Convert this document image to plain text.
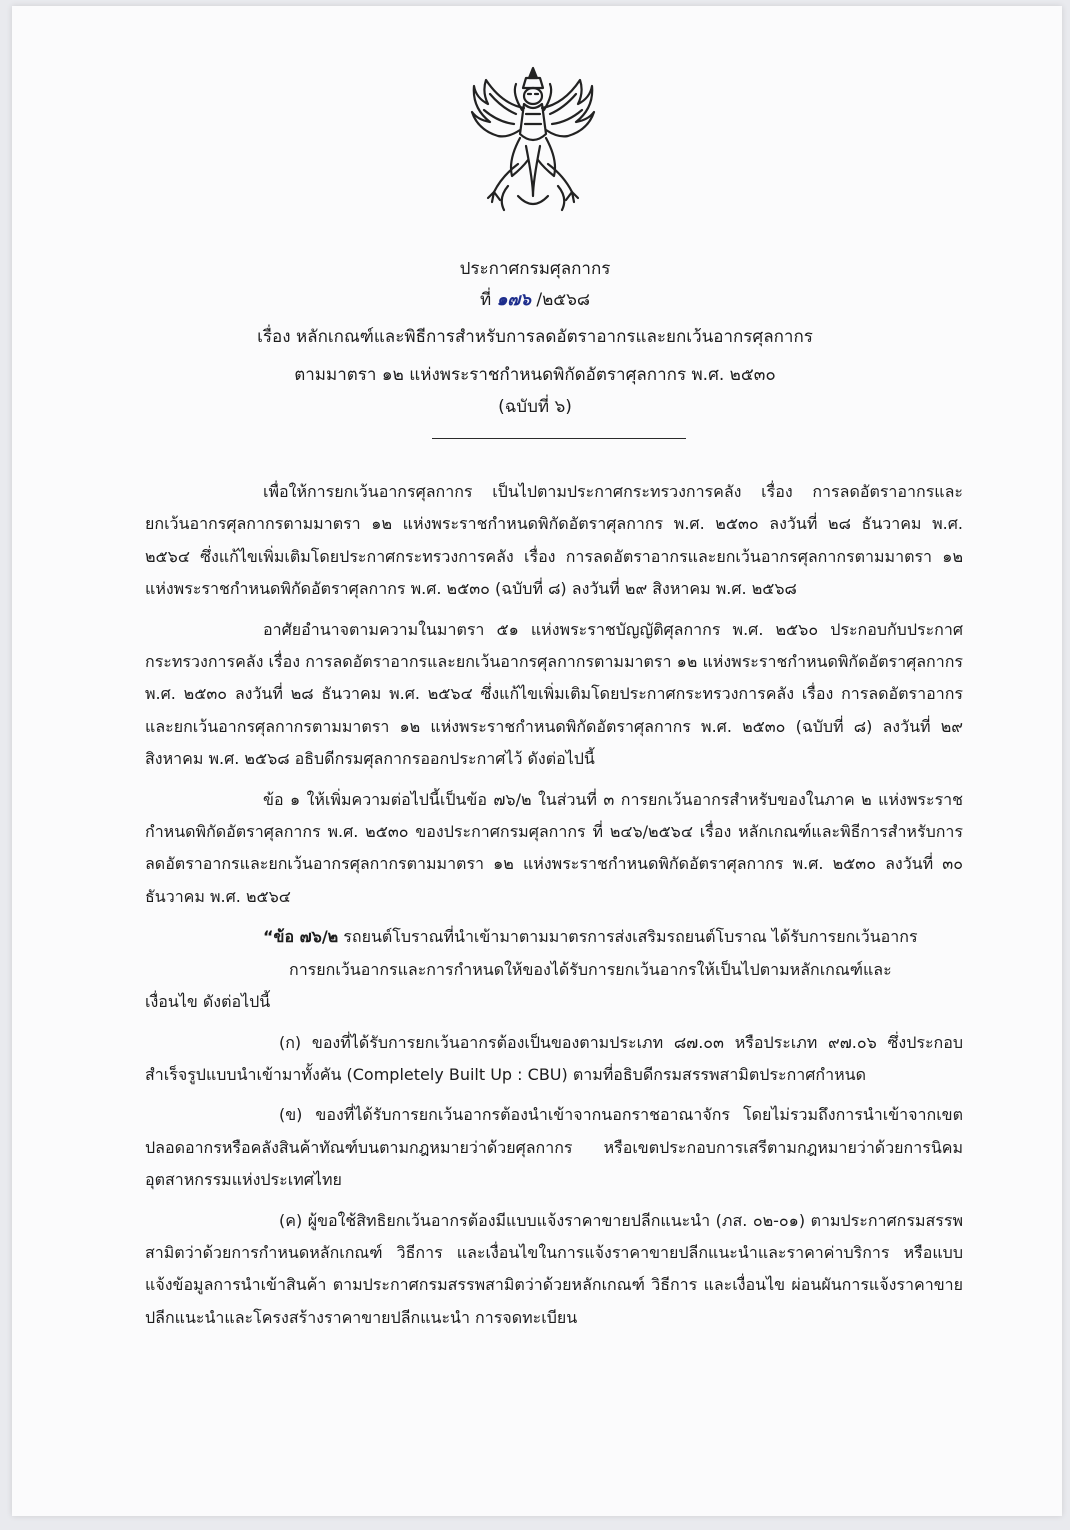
ประกาศกรมศุลกากร
ที่ ๑๗๖ /๒๕๖๘
เรื่อง หลักเกณฑ์และพิธีการสำหรับการลดอัตราอากรและยกเว้นอากรศุลกากร
ตามมาตรา ๑๒ แห่งพระราชกำหนดพิกัดอัตราศุลกากร พ.ศ. ๒๕๓๐
(ฉบับที่ ๖)

เพื่อให้การยกเว้นอากรศุลกากร เป็นไปตามประกาศกระทรวงการคลัง เรื่อง การลดอัตราอากรและยกเว้นอากรศุลกากรตามมาตรา ๑๒ แห่งพระราชกำหนดพิกัดอัตราศุลกากร พ.ศ. ๒๕๓๐ ลงวันที่ ๒๘ ธันวาคม พ.ศ. ๒๕๖๔ ซึ่งแก้ไขเพิ่มเติมโดยประกาศกระทรวงการคลัง เรื่อง การลดอัตราอากรและยกเว้นอากรศุลกากรตามมาตรา ๑๒ แห่งพระราชกำหนดพิกัดอัตราศุลกากร พ.ศ. ๒๕๓๐ (ฉบับที่ ๘) ลงวันที่ ๒๙ สิงหาคม พ.ศ. ๒๕๖๘

อาศัยอำนาจตามความในมาตรา ๕๑ แห่งพระราชบัญญัติศุลกากร พ.ศ. ๒๕๖๐ ประกอบกับประกาศกระทรวงการคลัง เรื่อง การลดอัตราอากรและยกเว้นอากรศุลกากรตามมาตรา ๑๒ แห่งพระราชกำหนดพิกัดอัตราศุลกากร พ.ศ. ๒๕๓๐ ลงวันที่ ๒๘ ธันวาคม พ.ศ. ๒๕๖๔ ซึ่งแก้ไขเพิ่มเติมโดยประกาศกระทรวงการคลัง เรื่อง การลดอัตราอากรและยกเว้นอากรศุลกากรตามมาตรา ๑๒ แห่งพระราชกำหนดพิกัดอัตราศุลกากร พ.ศ. ๒๕๓๐ (ฉบับที่ ๘) ลงวันที่ ๒๙ สิงหาคม พ.ศ. ๒๕๖๘ อธิบดีกรมศุลกากรออกประกาศไว้ ดังต่อไปนี้

ข้อ ๑ ให้เพิ่มความต่อไปนี้เป็นข้อ ๗๖/๒ ในส่วนที่ ๓ การยกเว้นอากรสำหรับของในภาค ๒ แห่งพระราชกำหนดพิกัดอัตราศุลกากร พ.ศ. ๒๕๓๐ ของประกาศกรมศุลกากร ที่ ๒๔๖/๒๕๖๔ เรื่อง หลักเกณฑ์และพิธีการสำหรับการลดอัตราอากรและยกเว้นอากรศุลกากรตามมาตรา ๑๒ แห่งพระราชกำหนดพิกัดอัตราศุลกากร พ.ศ. ๒๕๓๐ ลงวันที่ ๓๐ ธันวาคม พ.ศ. ๒๕๖๔

“ข้อ ๗๖/๒ รถยนต์โบราณที่นำเข้ามาตามมาตรการส่งเสริมรถยนต์โบราณ ได้รับการยกเว้นอากร

การยกเว้นอากรและการกำหนดให้ของได้รับการยกเว้นอากรให้เป็นไปตามหลักเกณฑ์และ

เงื่อนไข ดังต่อไปนี้

(ก) ของที่ได้รับการยกเว้นอากรต้องเป็นของตามประเภท ๘๗.๐๓ หรือประเภท ๙๗.๐๖ ซึ่งประกอบสำเร็จรูปแบบนำเข้ามาทั้งคัน (Completely Built Up : CBU) ตามที่อธิบดีกรมสรรพสามิตประกาศกำหนด

(ข) ของที่ได้รับการยกเว้นอากรต้องนำเข้าจากนอกราชอาณาจักร โดยไม่รวมถึงการนำเข้าจากเขตปลอดอากรหรือคลังสินค้าทัณฑ์บนตามกฎหมายว่าด้วยศุลกากร หรือเขตประกอบการเสรีตามกฎหมายว่าด้วยการนิคมอุตสาหกรรมแห่งประเทศไทย

(ค) ผู้ขอใช้สิทธิยกเว้นอากรต้องมีแบบแจ้งราคาขายปลีกแนะนำ (ภส. ๐๒-๐๑) ตามประกาศกรมสรรพสามิตว่าด้วยการกำหนดหลักเกณฑ์ วิธีการ และเงื่อนไขในการแจ้งราคาขายปลีกแนะนำและราคาค่าบริการ หรือแบบแจ้งข้อมูลการนำเข้าสินค้า ตามประกาศกรมสรรพสามิตว่าด้วยหลักเกณฑ์ วิธีการ และเงื่อนไข ผ่อนผันการแจ้งราคาขายปลีกแนะนำและโครงสร้างราคาขายปลีกแนะนำ การจดทะเบียน
